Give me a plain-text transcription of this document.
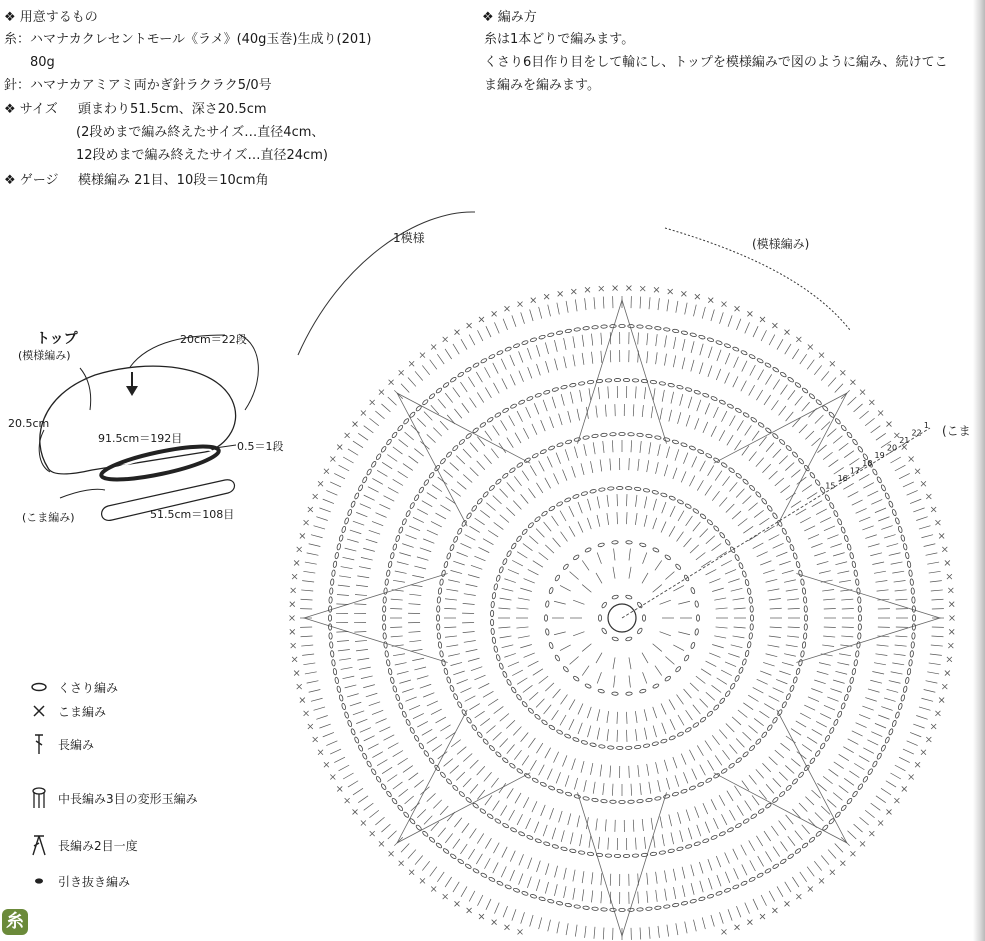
❖ 用意するもの
糸：ハマナカクレセントモール《ラメ》(40g玉巻)生成り(201)
80g
針：ハマナカアミアミ両かぎ針ラクラク5/0号
❖ サイズ 頭まわり51.5cm、深さ20.5cm
(2段めまで編み終えたサイズ…直径4cm、
12段めまで編み終えたサイズ…直径24cm)
❖ ゲージ 模様編み 21目、10段＝10cm角
❖ 編み方
糸は1本どりで編みます。
くさり6目作り目をして輪にし、トップを模様編みで図のように編み、続けてこ
ま編みを編みます。
トップ
(模様編み)
20cm＝22段
20.5cm
91.5cm＝192目
0.5＝1段
(こま編み)	51.5cm＝108目
くさり編み
こま編み
長編み
中長編み3目の変形玉編み
長編み2目一度
引き抜き編み
糸
1模様	(模様編み)
(こま
15
16
17
18
19
20
21
22
1
